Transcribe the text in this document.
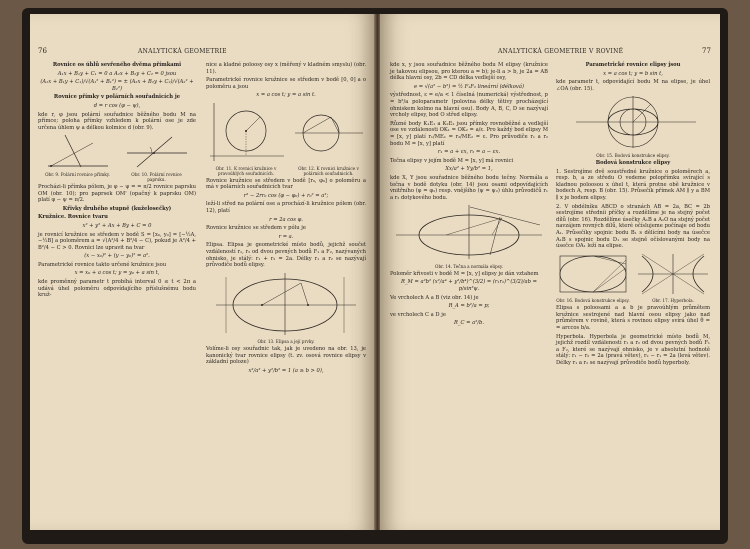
76	ANALYTICKÁ GEOMETRIE

Rovnice os úhlů sevřeného dvěma přímkami

A₁x + B₁y + C₁ = 0 a A₂x + B₂y + C₂ = 0 jsou

(A₁x + B₁y + C₁)/√(A₁² + B₁²) = ± (A₂x + B₂y + C₂)/√(A₂² + B₂²)

Rovnice přímky v polárních souřadnicích je

d = r cos (φ − ψ),

kde r, φ jsou polární souřadnice běžného bodu M na přímce; poloha přímky vzhledem k polární ose je zde určena úhlem ψ a délkou kolmice d (obr. 9).

Obr. 9. Polární rovnice přímky.	Obr. 10. Polární rovnice paprsku.

Procházi-li přímka pólem, je φ − ψ = = π/2 rovnice paprsku OM (obr. 10); pro paprsek OM' (opačný k paprsku OM) platí φ − ψ = π/2.

Křivky druhého stupně (kuželosečky)

Kružnice. Rovnice tvaru

x² + y² + Ax + By + C = 0

je rovnicí kružnice se středem v bodě S = [x₀, y₀] = [−½A, −½B] a poloměrem a = √(A²/4 + B²/4 − C), pokud je A²/4 + B²/4 − C > 0. Rovnici lze upravit na tvar

(x − x₀)² + (y − y₀)² = a².

Parametrické rovnice takto určené kružnice jsou

x = x₀ + a cos t; y = y₀ + a sin t,

kde proměnný parametr t probíhá interval 0 ≤ t < 2π a udává úhel poloměru odpovídajícího příslušnému bodu kruž-

nice a kladné poloosy osy x (měřený v kladném smyslu) (obr. 11).

Parametrické rovnice kružnice se středem v bodě [0, 0] a o poloměru a jsou

x = a cos t; y = a sin t.

Obr. 11. K rovnici kružnice v pravoúhlých souřadnicích.
Obr. 12. K rovnici kružnice v polárních souřadnicích.

Rovnice kružnice se středem v bodě [r₀, φ₀] o poloměru a má v polárních souřadnicích tvar

r² − 2rr₀ cos (φ − φ₀) + r₀² = a²;

leží-li střed na polární ose a prochází-li kružnice pólem (obr. 12), platí

r = 2a cos φ.

Rovnice kružnice se středem v pólu je

r = a.

Elipsa. Elipsa je geometrické místo bodů, jejichž součet vzdáleností r₁, r₂ od dvou pevných bodů F₁ a F₂, nazývaných ohnisko, je stálý: r₁ + r₂ = 2a. Délky r₁ a r₂ se nazývají průvodiče bodů elipsy.

Obr. 13. Elipsa a její prvky.

Volíme-li osy souřadnic tak, jak je uvedeno na obr. 13, je kanonický tvar rovnice elipsy (t. zv. osová rovnice elipsy v základní poloze)

x²/a² + y²/b² = 1 (a ≥ b > 0),

ANALYTICKÁ GEOMETRIE V ROVINĚ	77

kde x, y jsou souřadnice běžného bodu M elipsy (kružnice je takovou elipsou, pro kterou a = b); je-li a > b, je 2a = AB délka hlavní osy, 2b = CD délka vedlejší osy,

e = √(a² − b²) = ½ F₁F₂ lineární (délková)

výstřednost, ε = e/a < 1 číselná (numerická) výstřednost, p = b²/a poloparametr (polovina délky tětivy procházející ohniskem kolmo na hlavní osu). Body A, B, C, D se nazývají vrcholy elipsy, bod O střed elipsy.

Různé body K₁E₁ a K₂E₂ jsou přímky rovnoběžné a vedlejší ose ve vzdálenosti OK₁ = OK₂ = a/ε. Pro každý bod elipsy M = [x, y] platí r₁/ME₁ = r₂/ME₂ = ε. Pro průvodiče r₁ a r₂ bodu M = [x, y] platí

r₁ = a + εx, r₂ = a − εx.

Tečna elipsy v jejím bodě M = [x, y] má rovnici

Xx/a² + Yy/b² = 1,

kde X, Y jsou souřadnice běžného bodu tečny. Normála a tečna v bodě dotyku (obr. 14) jsou osami odpovídajících vnitřního (φ = φ₂) resp. vnějšího (ψ = ψ₂) úhlu průvodičů r₁ a r₂ dotykového bodu.

Obr. 14. Tečna a normála elipsy.

Poloměr křivosti v bodě M = [x, y] elipsy je dán vztahem

R_M = a²b² (x²/a⁴ + y²/b⁴)^(3/2) = (r₁r₂)^(3/2)/ab = p/sin³ψ.

Ve vrcholech A a B (viz obr. 14) je

R_A = b²/a = p;

ve vrcholech C a D je

R_C = a²/b.

Parametrické rovnice elipsy jsou

x = a cos t; y = b sin t,

kde parametr t, odpovídající bodu M na elipse, je úhel ∠OA (obr. 15).

Obr. 15. Bodová konstrukce elipsy.

Bodová konstrukce elipsy

1. Sestrojíme dvě soustředné kružnice o poloměrech a, resp. b, a ze středu O vedeme polopřímku svírající s kladnou poloosou x úhel t, která protne obě kružnice v bodech A, resp. B (obr. 15). Průsečík přímek AM ∥ y a BM ∥ x je bodem elipsy.

2. V obdélníku ABCD o stranách AB = 2a, BC = 2b sestrojíme středníi příčky a rozdělíme je na stejný počet dílů (obr. 16). Rozdělíme úsečky A₁B a A₁O na stejný počet navzájem rovných dílů, které očíslujeme počínaje od bodu A₁. Průsečíky spojnic bodu B₁ s dělícími body na úsečce A₁B s spojnic bodu D₁ se stejně očíslovanými body na úsečce OA₁ leží na elipse.

Obr. 16. Bodová konstrukce elipsy.	Obr. 17. Hyperbola.

Elipsa s poloosami a a b je pravoúhlým průmětem kružnice sestrojené nad hlavní osou elipsy jako nad průměrem v rovině, která s rovinou elipsy svírá úhel θ = = arccos b/a.

Hyperbola. Hyperbola je geometrické místo bodů M, jejichž rozdíl vzdáleností r₁ a r₂ od dvou pevných bodů F₁ a F₂, které se nazývají ohnisko, je v absolutní hodnotě stálý: r₁ − r₂ = 2a (pravá větev), r₂ − r₁ = 2a (levá větev). Délky r₁ a r₂ se nazývají průvodiče bodů hyperboly.
